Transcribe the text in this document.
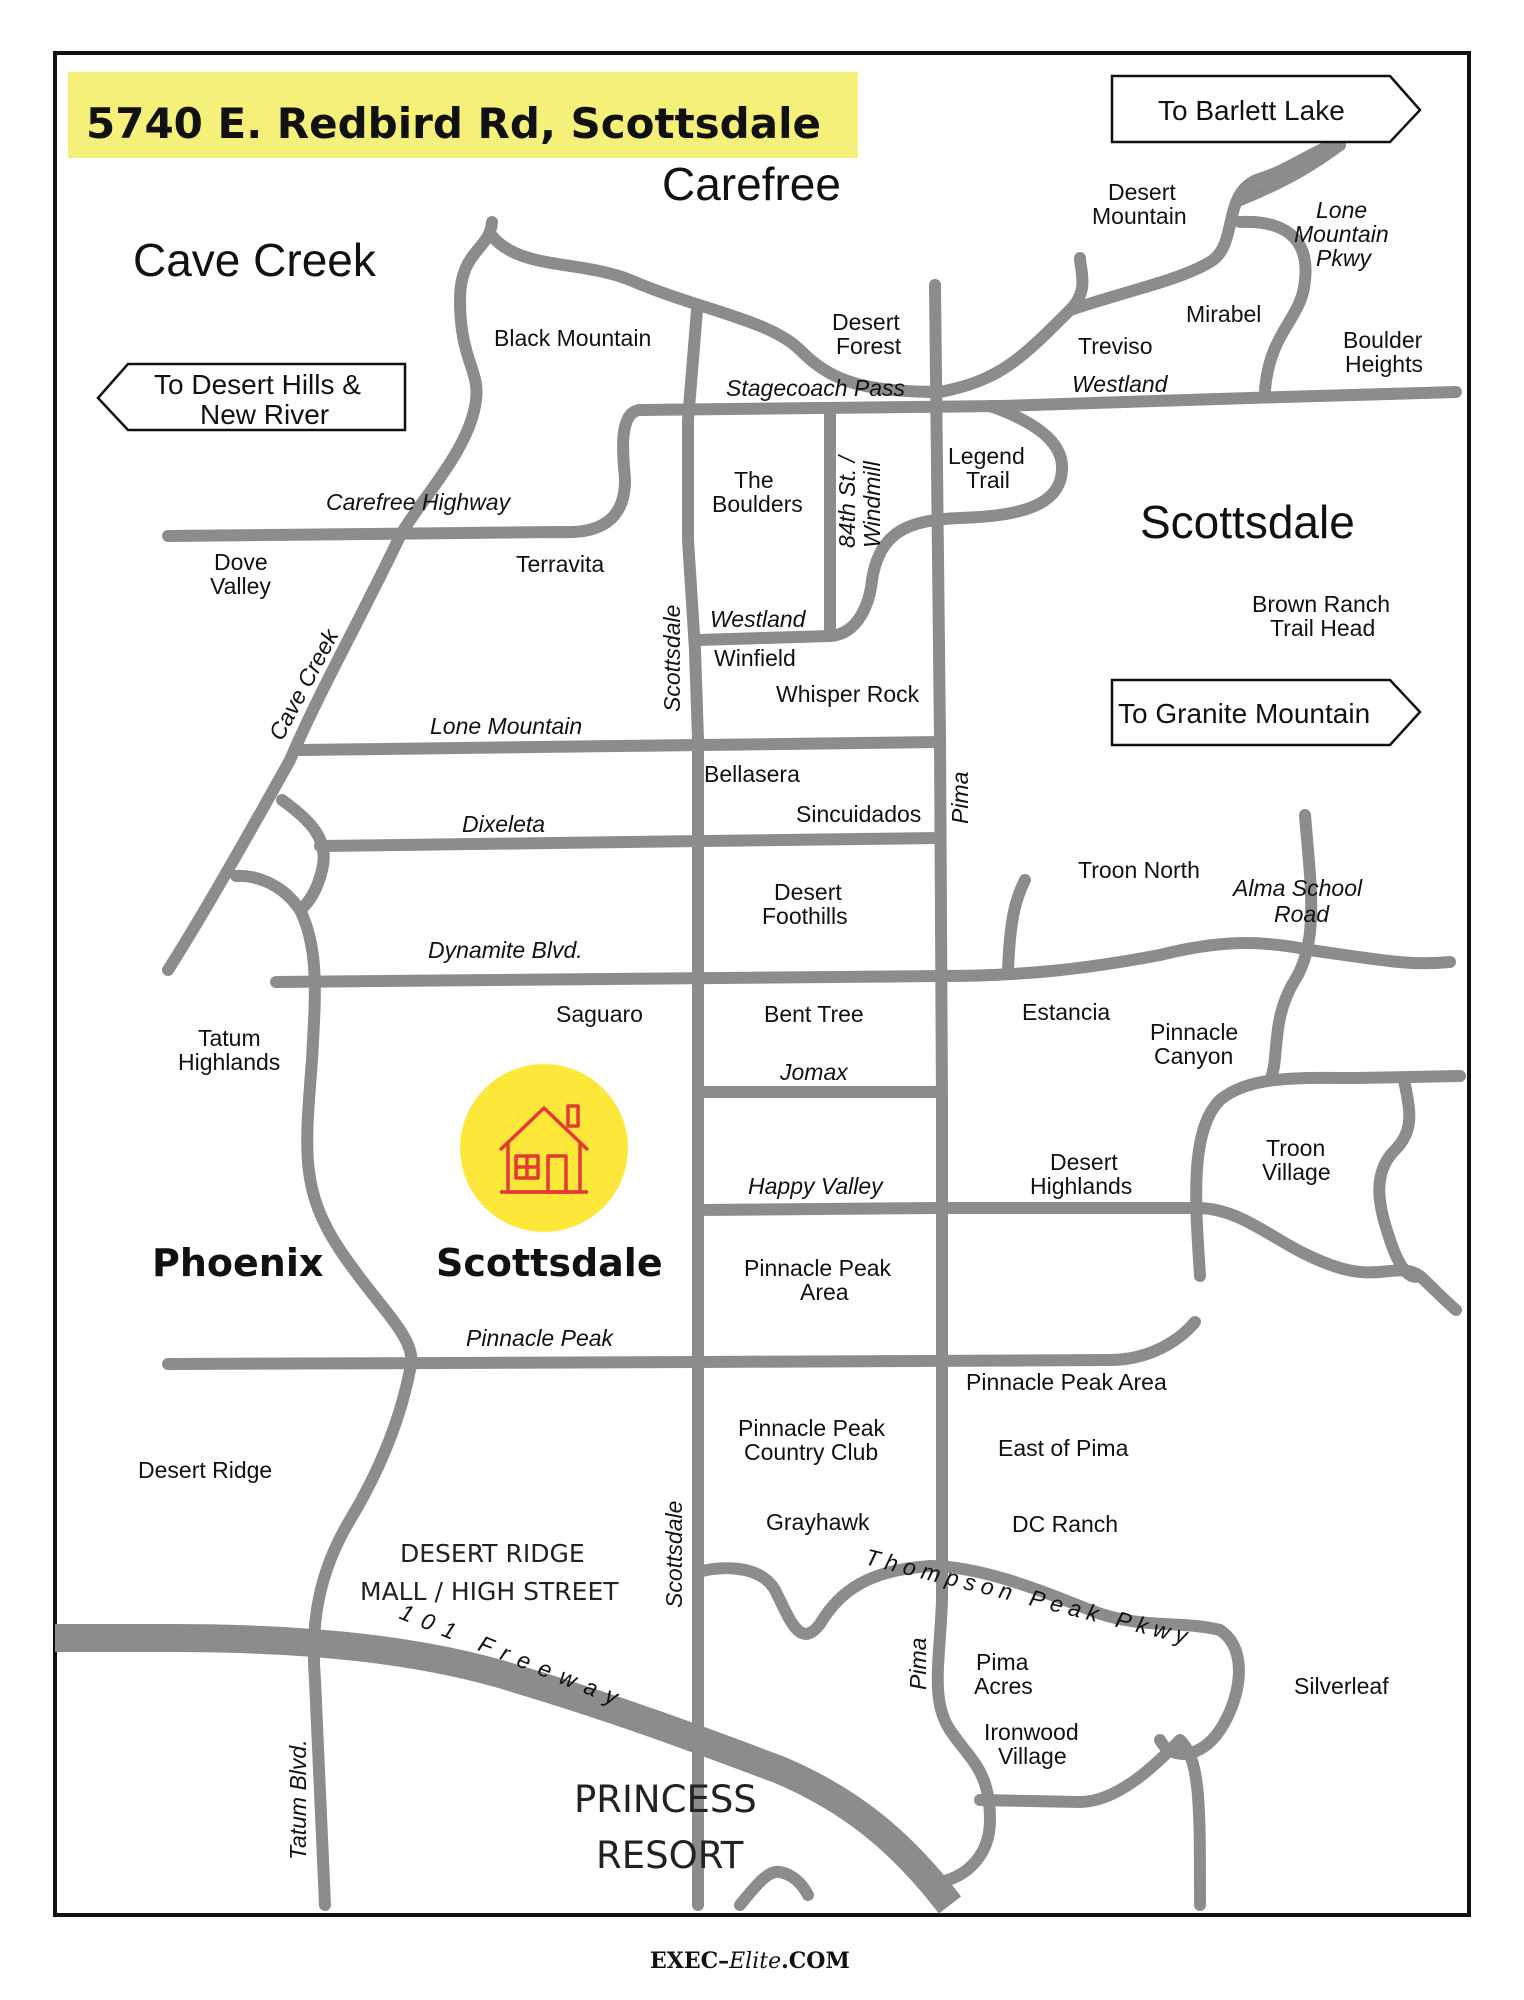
5740 E. Redbird Rd, Scottsdale	To Barlett Lake
To Desert Hills &
New River
To Granite Mountain
Carefree
Cave Creek
Scottsdale
Phoenix	Scottsdale
Stagecoach Pass	Westland
Carefree Highway	84th St. / Windmill
Westland
Scottsdale
Cave Creek	Lone Mountain
Dixeleta	Pima
Dynamite Blvd.
Alma School
Road
Jomax
Happy Valley
Pinnacle Peak
Scottsdale	Thompson Peak Pkwy
Pima
101 Freeway
Tatum Blvd.
Lone
Mountain
Pkwy
Desert
Mountain
Mirabel
Boulder
Heights
Treviso
Desert
Forest
Black Mountain
The
Boulders
Legend
Trail
Dove
Valley
Terravita
Brown Ranch
Trail Head
Winfield
Whisper Rock
Bellasera
Sincuidados
Troon North
Desert
Foothills
Saguaro	Bent Tree	Estancia
Pinnacle
Canyon
Tatum
Highlands
Troon
Village
Desert
Highlands
Pinnacle Peak
Area
Pinnacle Peak Area
Pinnacle Peak
Country Club	East of Pima
Desert Ridge
Grayhawk	DC Ranch
DESERT RIDGE
MALL / HIGH STREET
Pima
Acres	Silverleaf
Ironwood
Village
PRINCESS
RESORT
EXEC–Elite.COM
